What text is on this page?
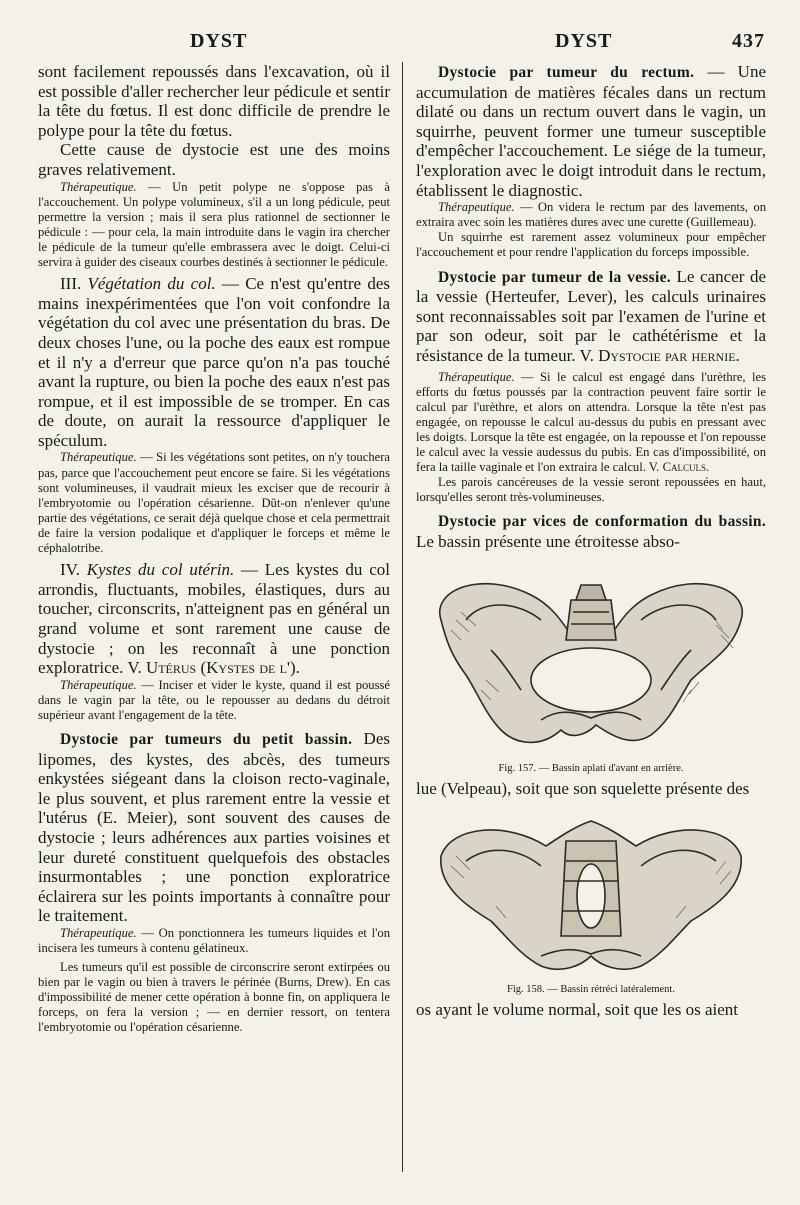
DYST	DYST	437

sont facilement repoussés dans l'excavation, où il est possible d'aller rechercher leur pédicule et sentir la tête du fœtus. Il est donc difficile de prendre le polype pour la tête du fœtus.

Cette cause de dystocie est une des moins graves relativement.

Thérapeutique. — Un petit polype ne s'oppose pas à l'accouchement. Un polype volumineux, s'il a un long pédicule, peut permettre la version ; mais il sera plus rationnel de sectionner le pédicule : — pour cela, la main introduite dans le vagin ira chercher le pédicule de la tumeur qu'elle embrassera avec le doigt. Celui-ci servira à guider des ciseaux courbes destinés à sectionner le pédicule.

III. Végétation du col. — Ce n'est qu'entre des mains inexpérimentées que l'on voit confondre la végétation du col avec une présentation du bras. De deux choses l'une, ou la poche des eaux est rompue et il n'y a d'erreur que parce qu'on n'a pas touché avant la rupture, ou bien la poche des eaux n'est pas rompue, et il est impossible de se tromper. En cas de doute, on aurait la ressource d'appliquer le spéculum.

Thérapeutique. — Si les végétations sont petites, on n'y touchera pas, parce que l'accouchement peut encore se faire. Si les végétations sont volumineuses, il vaudrait mieux les exciser que de recourir à l'embryotomie ou l'opération césarienne. Dût-on n'enlever qu'une partie des végétations, ce serait déjà quelque chose et cela permettrait de faire la version podalique et d'appliquer le forceps et même le céphalotribe.

IV. Kystes du col utérin. — Les kystes du col arrondis, fluctuants, mobiles, élastiques, durs au toucher, circonscrits, n'atteignent pas en général un grand volume et sont rarement une cause de dystocie ; on les reconnaît à une ponction exploratrice. V. Utérus (Kystes de l').

Thérapeutique. — Inciser et vider le kyste, quand il est poussé dans le vagin par la tête, ou le repousser au dedans du détroit supérieur avant l'engagement de la tête.

Dystocie par tumeurs du petit bassin. Des lipomes, des kystes, des abcès, des tumeurs enkystées siégeant dans la cloison recto-vaginale, le plus souvent, et plus rarement entre la vessie et l'utérus (E. Meier), sont souvent des causes de dystocie ; leurs adhérences aux parties voisines et leur dureté constituent quelquefois des obstacles insurmontables ; une ponction exploratrice éclairera sur les points importants à connaître pour le traitement.

Thérapeutique. — On ponctionnera les tumeurs liquides et l'on incisera les tumeurs à contenu gélatineux.

Les tumeurs qu'il est possible de circonscrire seront extirpées ou bien par le vagin ou bien à travers le périnée (Burns, Drew). En cas d'impossibilité de mener cette opération à bonne fin, on appliquera le forceps, on fera la version ; — en dernier ressort, on tentera l'embryotomie ou l'opération césarienne.

Dystocie par tumeur du rectum. — Une accumulation de matières fécales dans un rectum dilaté ou dans un rectum ouvert dans le vagin, un squirrhe, peuvent former une tumeur susceptible d'empêcher l'accouchement. Le siége de la tumeur, l'exploration avec le doigt introduit dans le rectum, établissent le diagnostic.

Thérapeutique. — On videra le rectum par des lavements, on extraira avec soin les matières dures avec une curette (Guillemeau).

Un squirrhe est rarement assez volumineux pour empêcher l'accouchement et pour rendre l'application du forceps impossible.

Dystocie par tumeur de la vessie. Le cancer de la vessie (Herteufer, Lever), les calculs urinaires sont reconnaissables soit par l'examen de l'urine et par son odeur, soit par le cathétérisme et la résistance de la tumeur. V. Dystocie par hernie.

Thérapeutique. — Si le calcul est engagé dans l'urèthre, les efforts du fœtus poussés par la contraction peuvent faire sortir le calcul par l'urèthre, et alors on attendra. Lorsque la tête n'est pas engagée, on repousse le calcul au-dessus du pubis en pressant avec les doigts. Lorsque la tête est engagée, on la repousse et l'on repousse le calcul avec la vessie audessus du pubis. En cas d'impossibilité, on fera la taille vaginale et l'on extraira le calcul. V. Calculs.

Les parois cancéreuses de la vessie seront repoussées en haut, lorsqu'elles seront très-volumineuses.

Dystocie par vices de conformation du bassin. Le bassin présente une étroitesse abso-

Fig. 157. — Bassin aplati d'avant en arrière.

lue (Velpeau), soit que son squelette présente des

Fig. 158. — Bassin rétréci latéralement.

os ayant le volume normal, soit que les os aient
